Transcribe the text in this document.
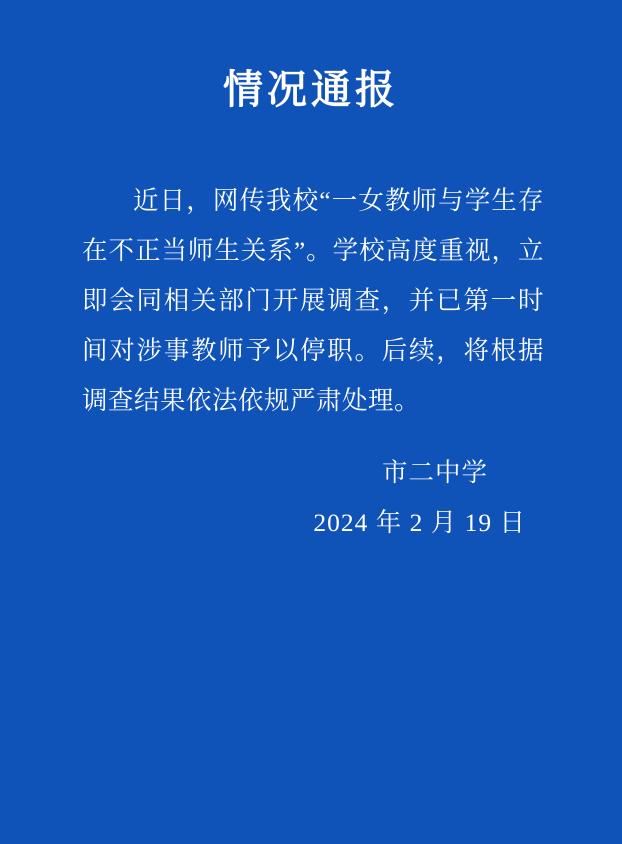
情况通报

近日，网传我校“一女教师与学生存在不正当师生关系”。学校高度重视，立即会同相关部门开展调查，并已第一时间对涉事教师予以停职。后续，将根据调查结果依法依规严肃处理。

市二中学

2024 年 2 月 19 日
